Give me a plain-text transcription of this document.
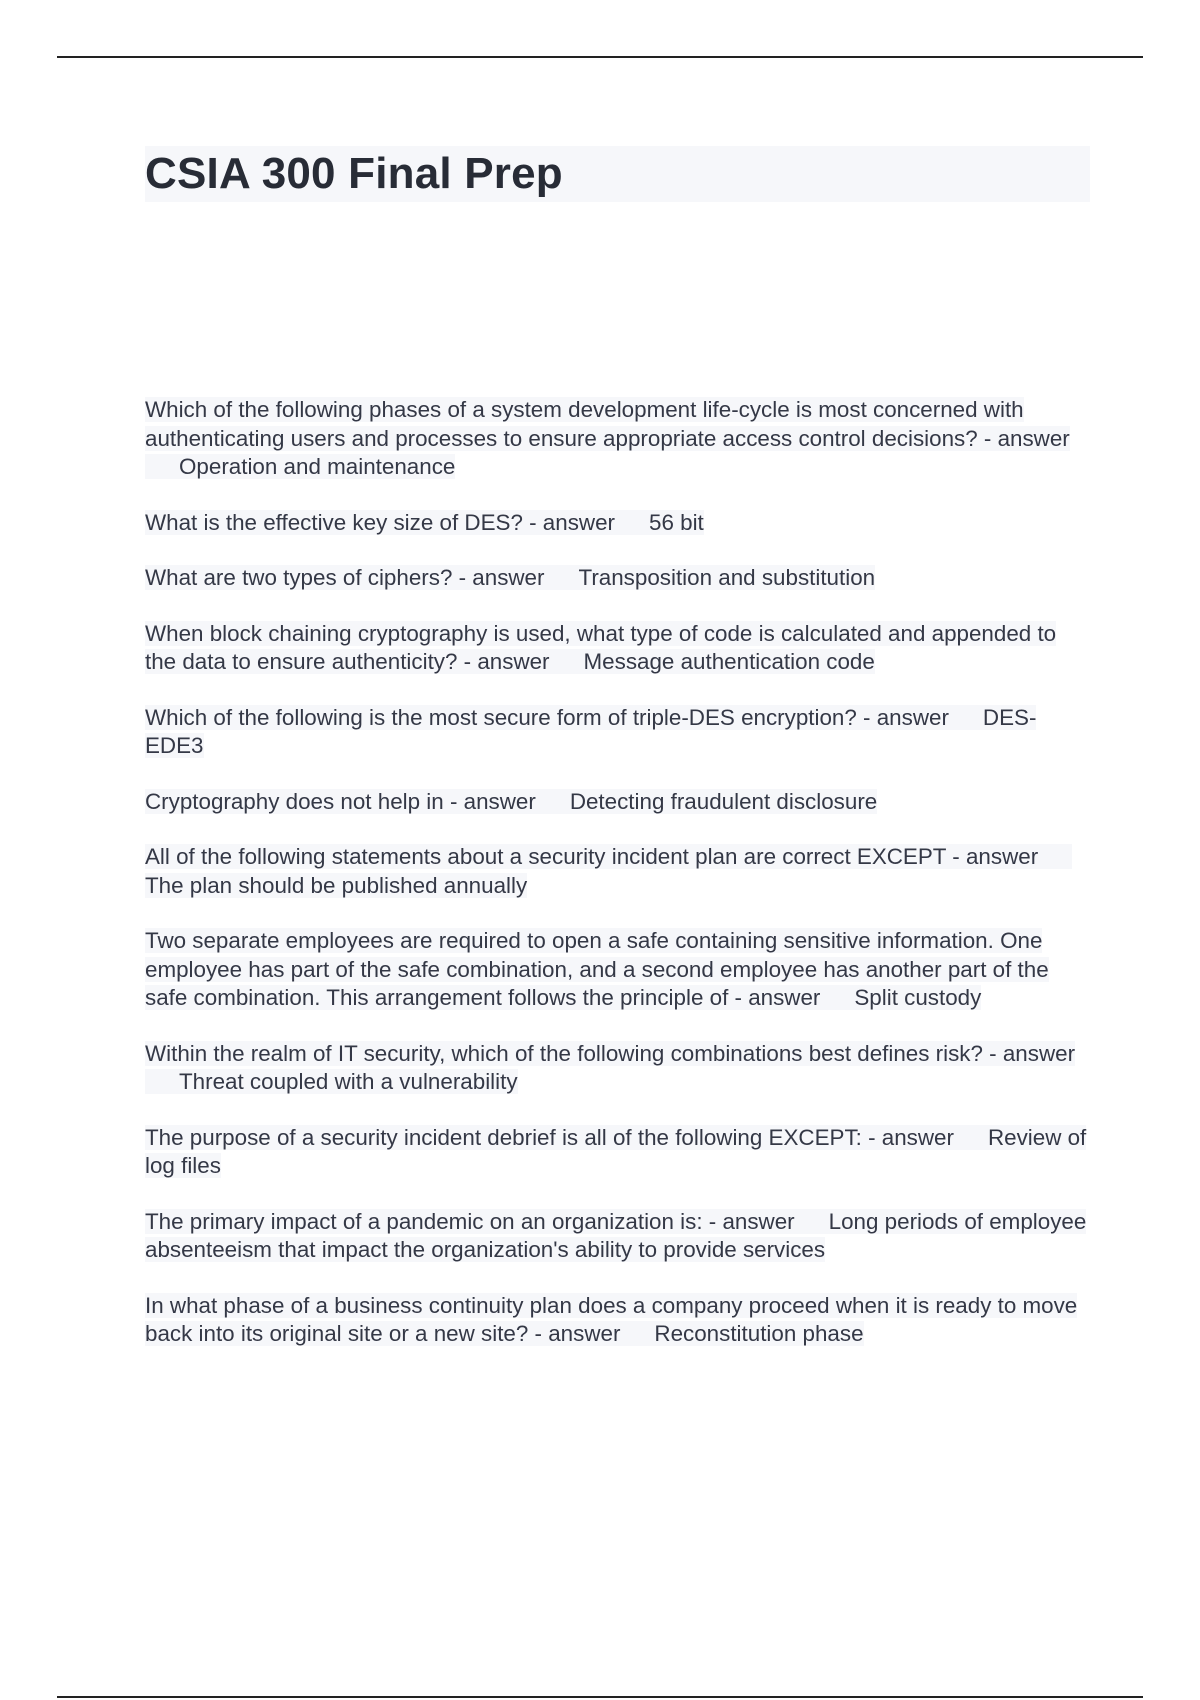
CSIA 300 Final Prep

Which of the following phases of a system development life-cycle is most concerned with authenticating users and processes to ensure appropriate access control decisions? - answerOperation and maintenance

What is the effective key size of DES? - answer 56 bit

What are two types of ciphers? - answer Transposition and substitution

When block chaining cryptography is used, what type of code is calculated and appended to the data to ensure authenticity? - answer Message authentication code

Which of the following is the most secure form of triple-DES encryption? - answer DES-EDE3

Cryptography does not help in - answer Detecting fraudulent disclosure

All of the following statements about a security incident plan are correct EXCEPT - answerThe plan should be published annually

Two separate employees are required to open a safe containing sensitive information. One employee has part of the safe combination, and a second employee has another part of the safe combination. This arrangement follows the principle of - answer Split custody

Within the realm of IT security, which of the following combinations best defines risk? - answerThreat coupled with a vulnerability

The purpose of a security incident debrief is all of the following EXCEPT: - answer Review of log files

The primary impact of a pandemic on an organization is: - answer Long periods of employee absenteeism that impact the organization's ability to provide services

In what phase of a business continuity plan does a company proceed when it is ready to move back into its original site or a new site? - answer Reconstitution phase
